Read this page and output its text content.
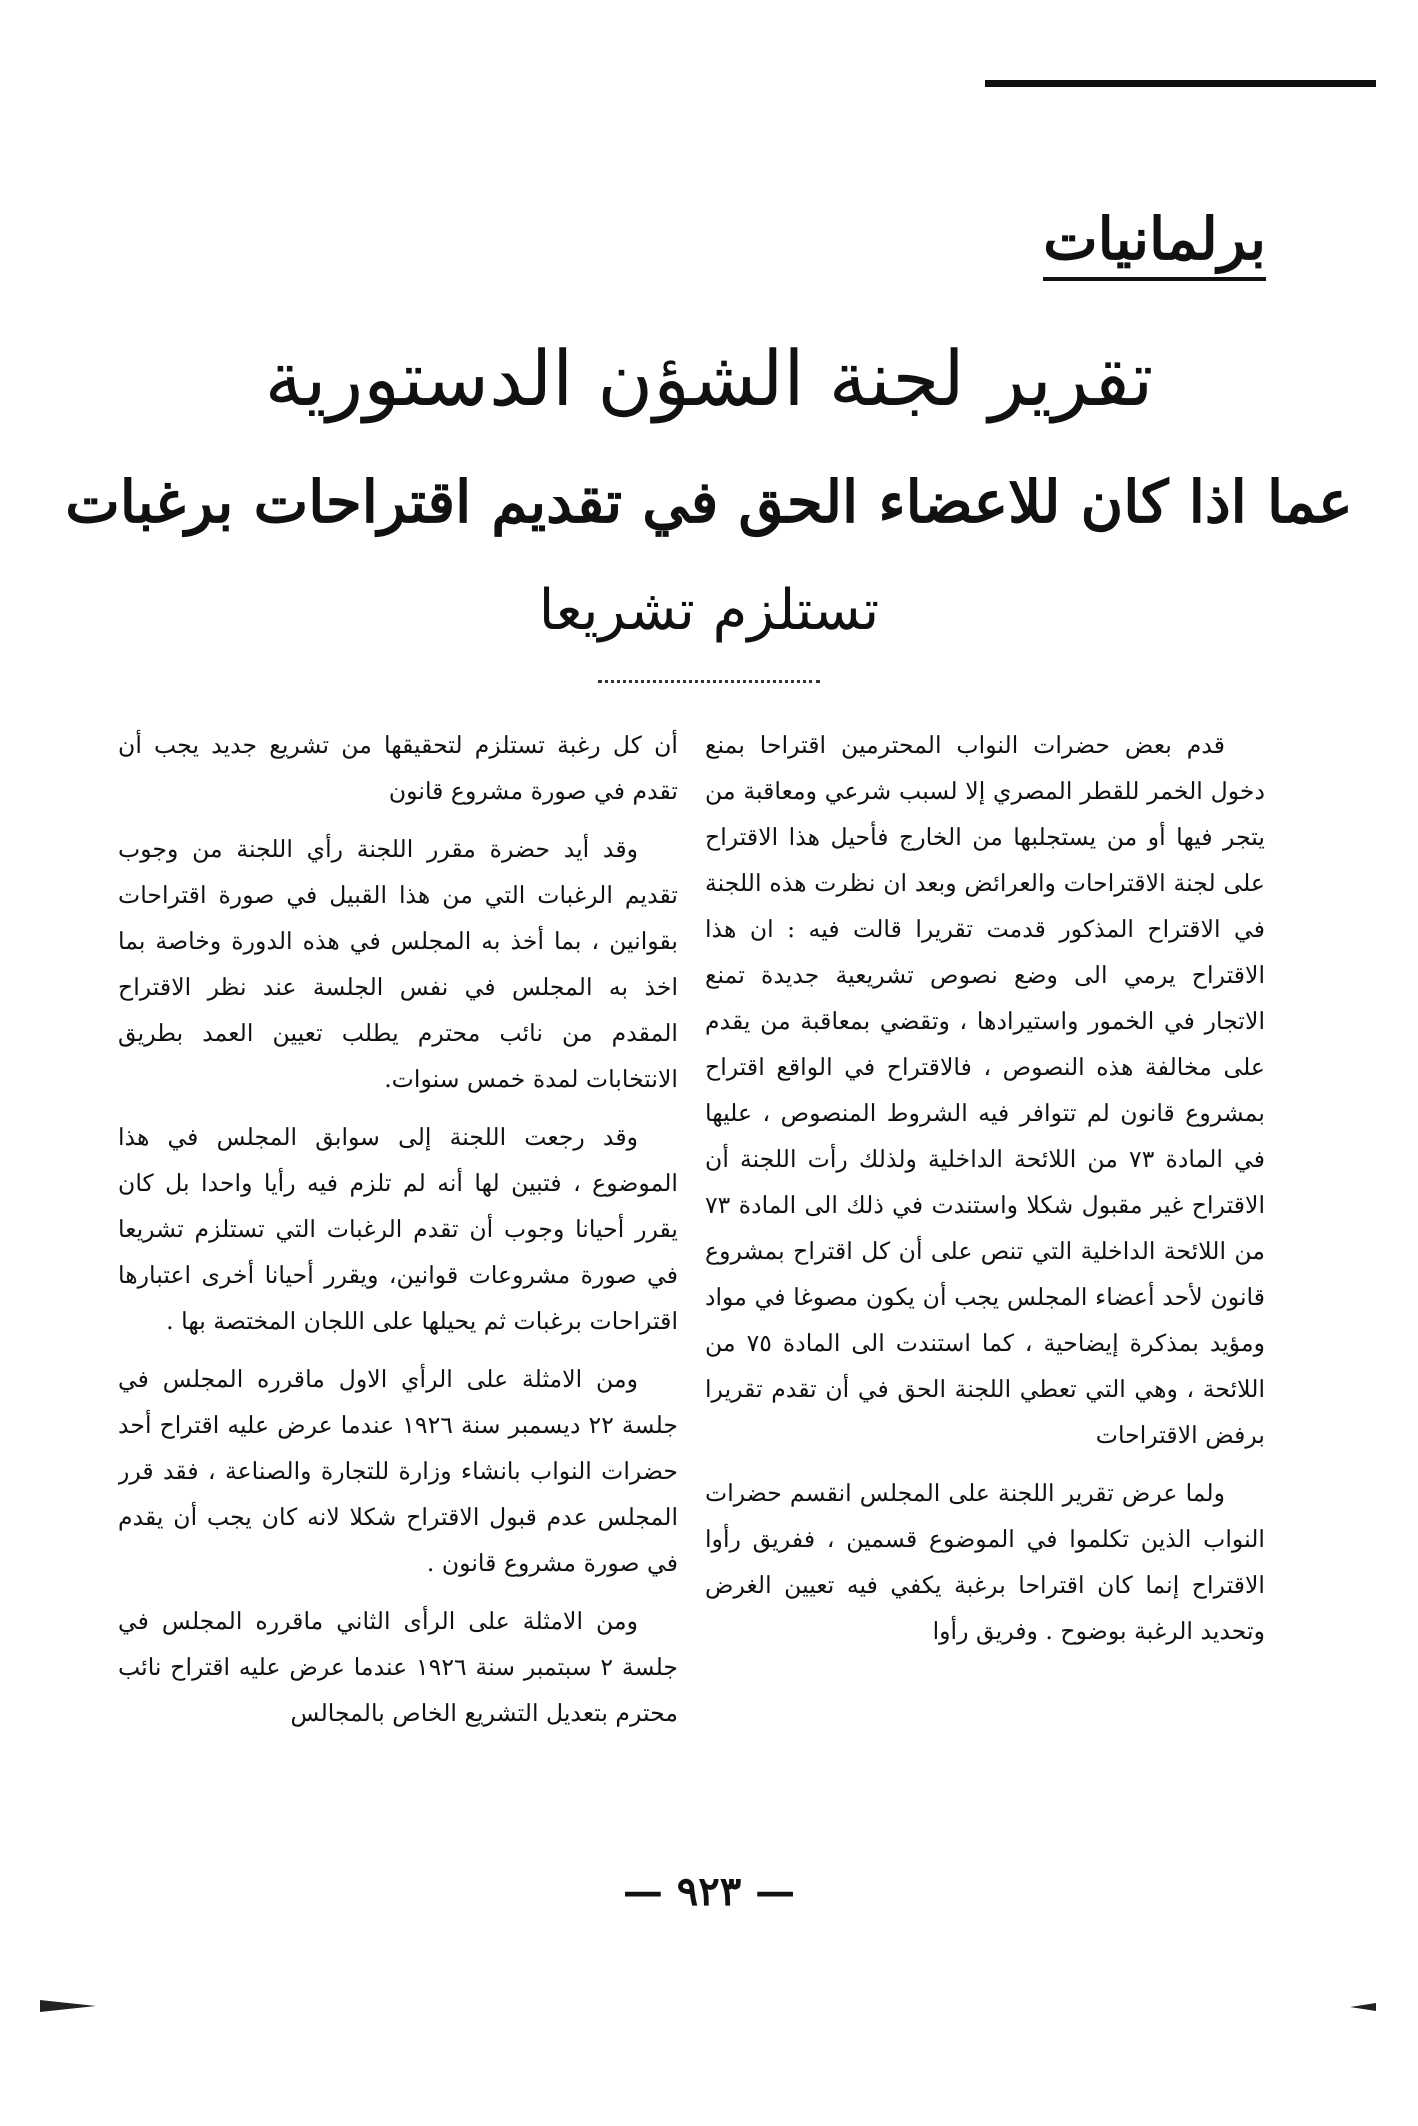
برلمانيات
تقرير لجنة الشؤن الدستورية
عما اذا كان للاعضاء الحق في تقديم اقتراحات برغبات
تستلزم تشريعا

قدم بعض حضرات النواب المحترمين اقتراحا بمنع دخول الخمر للقطر المصري إلا لسبب شرعي ومعاقبة من يتجر فيها أو من يستجلبها من الخارج فأحيل هذا الاقتراح على لجنة الاقتراحات والعرائض وبعد ان نظرت هذه اللجنة في الاقتراح المذكور قدمت تقريرا قالت فيه : ان هذا الاقتراح يرمي الى وضع نصوص تشريعية جديدة تمنع الاتجار في الخمور واستيرادها ، وتقضي بمعاقبة من يقدم على مخالفة هذه النصوص ، فالاقتراح في الواقع اقتراح بمشروع قانون لم تتوافر فيه الشروط المنصوص ، عليها في المادة ٧٣ من اللائحة الداخلية ولذلك رأت اللجنة أن الاقتراح غير مقبول شكلا واستندت في ذلك الى المادة ٧٣ من اللائحة الداخلية التي تنص على أن كل اقتراح بمشروع قانون لأحد أعضاء المجلس يجب أن يكون مصوغا في مواد ومؤيد بمذكرة إيضاحية ، كما استندت الى المادة ٧٥ من اللائحة ، وهي التي تعطي اللجنة الحق في أن تقدم تقريرا برفض الاقتراحات

ولما عرض تقرير اللجنة على المجلس انقسم حضرات النواب الذين تكلموا في الموضوع قسمين ، ففريق رأوا الاقتراح إنما كان اقتراحا برغبة يكفي فيه تعيين الغرض وتحديد الرغبة بوضوح . وفريق رأوا

أن كل رغبة تستلزم لتحقيقها من تشريع جديد يجب أن تقدم في صورة مشروع قانون

وقد أيد حضرة مقرر اللجنة رأي اللجنة من وجوب تقديم الرغبات التي من هذا القبيل في صورة اقتراحات بقوانين ، بما أخذ به المجلس في هذه الدورة وخاصة بما اخذ به المجلس في نفس الجلسة عند نظر الاقتراح المقدم من نائب محترم يطلب تعيين العمد بطريق الانتخابات لمدة خمس سنوات.

وقد رجعت اللجنة إلى سوابق المجلس في هذا الموضوع ، فتبين لها أنه لم تلزم فيه رأيا واحدا بل كان يقرر أحيانا وجوب أن تقدم الرغبات التي تستلزم تشريعا في صورة مشروعات قوانين، ويقرر أحيانا أخرى اعتبارها اقتراحات برغبات ثم يحيلها على اللجان المختصة بها .

ومن الامثلة على الرأي الاول ماقرره المجلس في جلسة ٢٢ ديسمبر سنة ١٩٢٦ عندما عرض عليه اقتراح أحد حضرات النواب بانشاء وزارة للتجارة والصناعة ، فقد قرر المجلس عدم قبول الاقتراح شكلا لانه كان يجب أن يقدم في صورة مشروع قانون .

ومن الامثلة على الرأى الثاني ماقرره المجلس في جلسة ٢ سبتمبر سنة ١٩٢٦ عندما عرض عليه اقتراح نائب محترم بتعديل التشريع الخاص بالمجالس

— ٩٢٣ —
